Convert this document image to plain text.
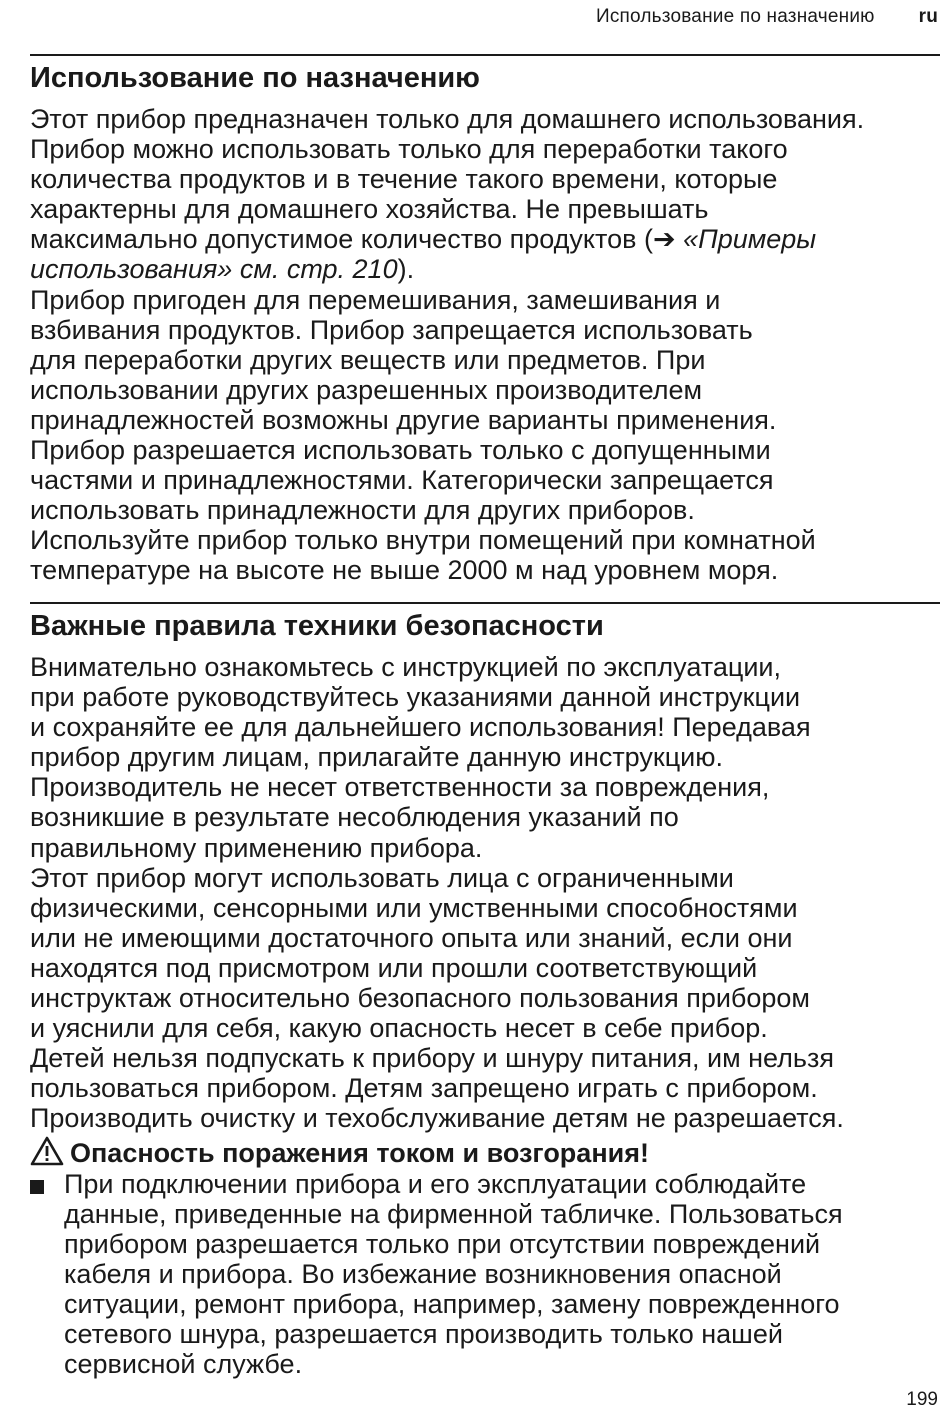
Использование по назначению ru
Использование по назначению
Этот прибор предназначен только для домашнего использования.
Прибор можно использовать только для переработки такого
количества продуктов и в течение такого времени, которые
характерны для домашнего хозяйства. Не превышать
максимально допустимое количество продуктов (➔ «Примеры
использования» см. стр. 210).
Прибор пригоден для перемешивания, замешивания и
взбивания продуктов. Прибор запрещается использовать
для переработки других веществ или предметов. При
использовании других разрешенных производителем
принадлежностей возможны другие варианты применения.
Прибор разрешается использовать только с допущенными
частями и принадлежностями. Категорически запрещается
использовать принадлежности для других приборов.
Используйте прибор только внутри помещений при комнатной
температуре на высоте не выше 2000 м над уровнем моря.
Важные правила техники безопасности
Внимательно ознакомьтесь с инструкцией по эксплуатации,
при работе руководствуйтесь указаниями данной инструкции
и сохраняйте ее для дальнейшего использования! Передавая
прибор другим лицам, прилагайте данную инструкцию.
Производитель не несет ответственности за повреждения,
возникшие в результате несоблюдения указаний по
правильному применению прибора.
Этот прибор могут использовать лица с ограниченными
физическими, сенсорными или умственными способностями
или не имеющими достаточного опыта или знаний, если они
находятся под присмотром или прошли соответствующий
инструктаж относительно безопасного пользования прибором
и уяснили для себя, какую опасность несет в себе прибор.
Детей нельзя подпускать к прибору и шнуру питания, им нельзя
пользоваться прибором. Детям запрещено играть с прибором.
Производить очистку и техобслуживание детям не разрешается.
Опасность поражения током и возгорания!
При подключении прибора и его эксплуатации соблюдайте
данные, приведенные на фирменной табличке. Пользоваться
прибором разрешается только при отсутствии повреждений
кабеля и прибора. Во избежание возникновения опасной
ситуации, ремонт прибора, например, замену поврежденного
сетевого шнура, разрешается производить только нашей
сервисной службе.
199
